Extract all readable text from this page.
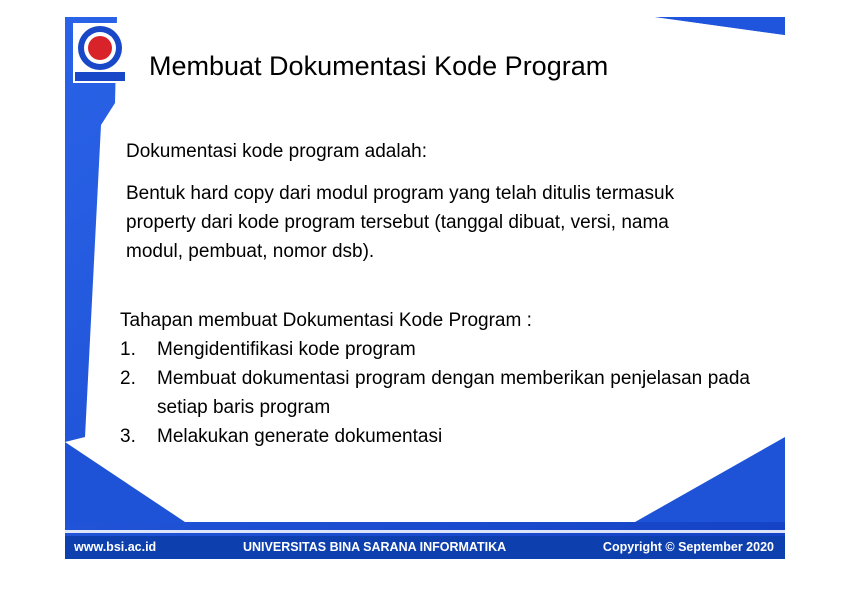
Membuat Dokumentasi Kode Program
Dokumentasi kode program adalah:
Bentuk hard copy dari modul program yang telah ditulis termasuk property dari kode program tersebut (tanggal dibuat, versi, nama modul, pembuat, nomor dsb).
Tahapan membuat Dokumentasi Kode Program :
1.	Mengidentifikasi kode program
2.	Membuat dokumentasi program dengan memberikan penjelasan pada setiap baris program
3.	Melakukan generate dokumentasi
www.bsi.ac.id	UNIVERSITAS BINA SARANA INFORMATIKA	Copyright © September 2020
